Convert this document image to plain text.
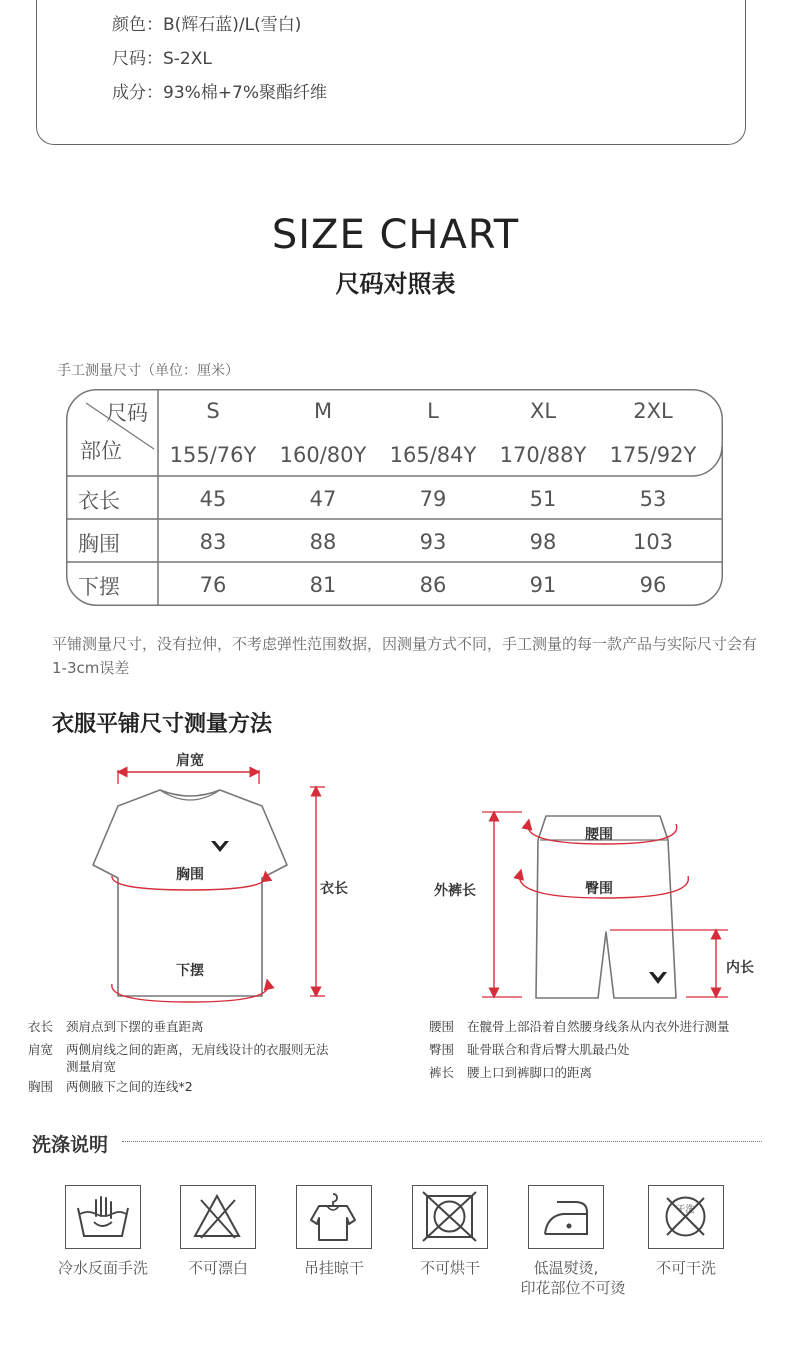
颜色：B(辉石蓝)/L(雪白)
尺码：S-2XL
成分：93%棉+7%聚酯纤维
SIZE CHART
尺码对照表
手工测量尺寸（单位：厘米）
尺码
部位
S	M	L	XL	2XL
155/76Y	160/80Y	165/84Y	170/88Y	175/92Y
衣长	45	47	79	51	53
胸围	83	88	93	98	103
下摆	76	81	86	91	96
平铺测量尺寸，没有拉伸，不考虑弹性范围数据，因测量方式不同，手工测量的每一款产品与实际尺寸会有1-3cm误差
衣服平铺尺寸测量方法
肩宽
胸围
衣长
下摆
腰围
臀围
外裤长
内长
衣长 颈肩点到下摆的垂直距离
肩宽 两侧肩线之间的距离，无肩线设计的衣服则无法
测量肩宽
胸围 两侧腋下之间的连线*2
腰围 在髋骨上部沿着自然腰身线条从内衣外进行测量
臀围 耻骨联合和背后臀大肌最凸处
裤长 腰上口到裤脚口的距离
洗涤说明
干洗
冷水反面手洗	不可漂白	吊挂晾干	不可烘干	低温熨烫,
印花部位不可烫
不可干洗
